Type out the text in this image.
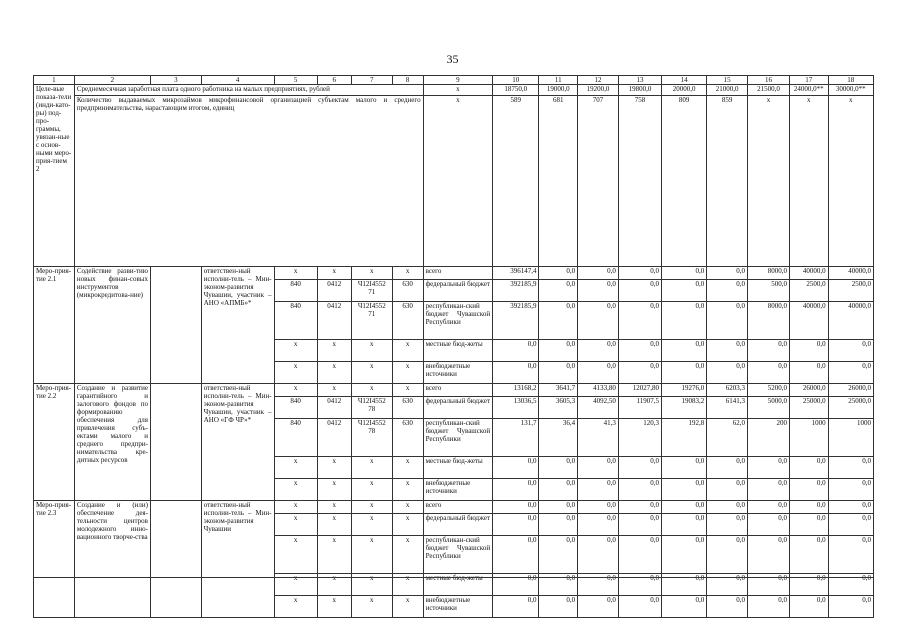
35
1	2	3	4	5	6	7	8	9	10	11	12	13	14	15	16	17	18
Целе-вые показа-тели (инди-като-ры) под-про-граммы, увязан-ные с основ-ными меро-прия-тием 2	Среднемесячная заработная плата одного работника на малых предприятиях, рублей							x	18750,0	19000,0	19200,0	19800,0	20000,0	21000,0	21500,0	24000,0**	30000,0**
	Количество выдаваемых микрозаймов микрофинансовой организацией субъектам малого и среднего предпринимательства, нарастающим итогом, единиц							x	589	681	707	758	809	859	x	x	x
Меро-прия-тие 2.1	Содействие разви-тию новых финан-совых инструментов (микрокредитова-ние)		ответствен-ный исполни-тель – Мин-эконом-развития Чувашии, участник – АНО «АПМБ»*	x	x	x	x	всего	396147,4	0,0	0,0	0,0	0,0	0,0	8000,0	40000,0	40000,0
				840	0412	Ч12I4552 71	630	федеральный бюджет	392185,9	0,0	0,0	0,0	0,0	0,0	500,0	2500,0	2500,0
				840	0412	Ч12I4552 71	630	республикан-ский бюджет Чувашской Республики	392185,9	0,0	0,0	0,0	0,0	0,0	8000,0	40000,0	40000,0
				x	x	x	x	местные бюд-жеты	0,0	0,0	0,0	0,0	0,0	0,0	0,0	0,0	0,0
				x	x	x	x	внебюджетные источники	0,0	0,0	0,0	0,0	0,0	0,0	0,0	0,0	0,0
Меро-прия-тие 2.2	Создание и развитие гарантийного и залогового фондов по формированию обеспечения для привлечения субъ-ектами малого и среднего предпри-нимательства кре-дитных ресурсов		ответствен-ный исполни-тель – Мин-эконом-развития Чувашии, участник – АНО «ГФ ЧР»*	x	x	x	x	всего	13168,2	3641,7	4133,80	12027,80	19276,0	6203,3	5200,0	26000,0	26000,0
				840	0412	Ч12I4552 78	630	федеральный бюджет	13036,5	3605,3	4092,50	11907,5	19083,2	6141,3	5000,0	25000,0	25000,0
				840	0412	Ч12I4552 78	630	республикан-ский бюджет Чувашской Республики	131,7	36,4	41,3	120,3	192,8	62,0	200	1000	1000
				x	x	x	x	местные бюд-жеты	0,0	0,0	0,0	0,0	0,0	0,0	0,0	0,0	0,0
				x	x	x	x	внебюджетные источники	0,0	0,0	0,0	0,0	0,0	0,0	0,0	0,0	0,0
Меро-прия-тие 2.3	Создание и (или) обеспечение дея-тельности центров молодежного инно-вационного творче-ства		ответствен-ный исполни-тель – Мин-эконом-развития Чувашии	x	x	x	x	всего	0,0	0,0	0,0	0,0	0,0	0,0	0,0	0,0	0,0
				x	x	x	x	федеральный бюджет	0,0	0,0	0,0	0,0	0,0	0,0	0,0	0,0	0,0
				x	x	x	x	республикан-ский бюджет Чувашской Республики	0,0	0,0	0,0	0,0	0,0	0,0	0,0	0,0	0,0
				x	x	x	x	местные бюд-жеты	0,0	0,0	0,0	0,0	0,0	0,0	0,0	0,0	0,0
				x	x	x	x	внебюджетные источники	0,0	0,0	0,0	0,0	0,0	0,0	0,0	0,0	0,0
